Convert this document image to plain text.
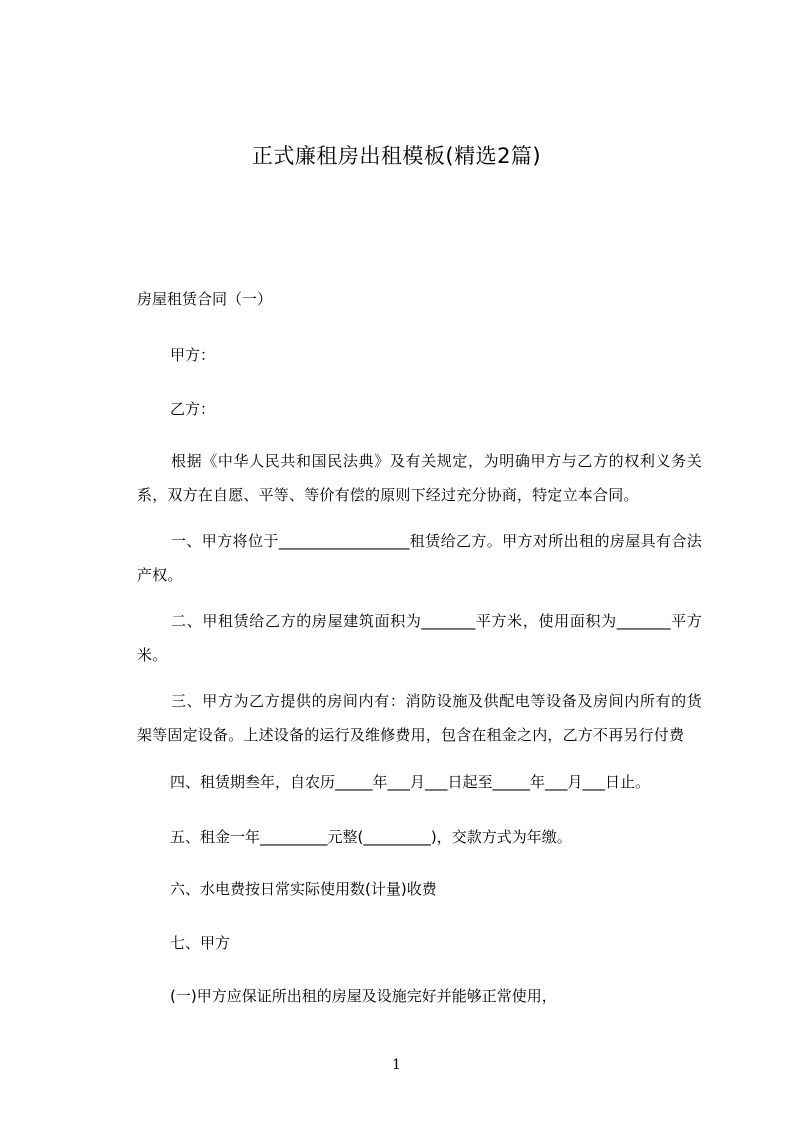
正式廉租房出租模板(精选2篇)

房屋租赁合同（一）

甲方：

乙方：

根据《中华人民共和国民法典》及有关规定，为明确甲方与乙方的权利义务关系，双方在自愿、平等、等价有偿的原则下经过充分协商，特定立本合同。

一、甲方将位于_________________租赁给乙方。甲方对所出租的房屋具有合法产权。

二、甲租赁给乙方的房屋建筑面积为_______平方米，使用面积为_______平方米。

三、甲方为乙方提供的房间内有：消防设施及供配电等设备及房间内所有的货架等固定设备。上述设备的运行及维修费用，包含在租金之内，乙方不再另行付费

四、租赁期叁年，自农历_____年___月___日起至_____年___月___日止。

五、租金一年_________元整(_________)，交款方式为年缴。

六、水电费按日常实际使用数(计量)收费

七、甲方

(一)甲方应保证所出租的房屋及设施完好并能够正常使用，

1
